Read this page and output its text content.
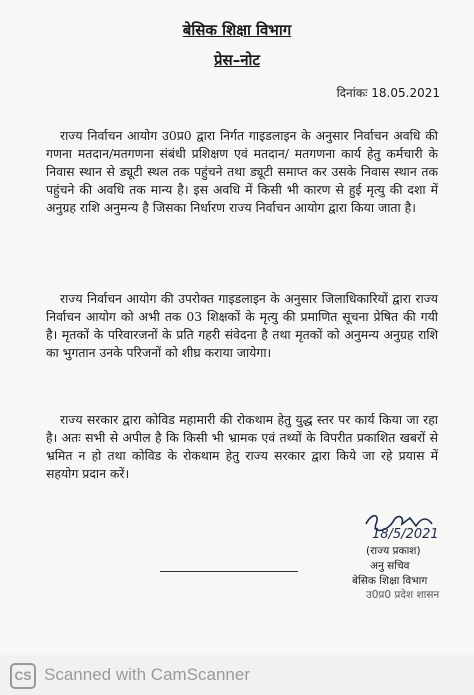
बेसिक शिक्षा विभाग
प्रेस–नोट
दिनांकः 18.05.2021
राज्य निर्वाचन आयोग उ0प्र0 द्वारा निर्गत गाइडलाइन के अनुसार निर्वाचन अवधि की गणना मतदान/मतगणना संबंधी प्रशिक्षण एवं मतदान/ मतगणना कार्य हेतु कर्मचारी के निवास स्थान से ड्यूटी स्थल तक पहुंचने तथा ड्यूटी समाप्त कर उसके निवास स्थान तक पहुंचने की अवधि तक मान्य है। इस अवधि में किसी भी कारण से हुई मृत्यु की दशा में अनुग्रह राशि अनुमन्य है जिसका निर्धारण राज्य निर्वाचन आयोग द्वारा किया जाता है।
राज्य निर्वाचन आयोग की उपरोक्त गाइडलाइन के अनुसार जिलाधिकारियों द्वारा राज्य निर्वाचन आयोग को अभी तक 03 शिक्षकों के मृत्यु की प्रमाणित सूचना प्रेषित की गयी है। मृतकों के परिवारजनों के प्रति गहरी संवेदना है तथा मृतकों को अनुमन्य अनुग्रह राशि का भुगतान उनके परिजनों को शीघ्र कराया जायेगा।
राज्य सरकार द्वारा कोविड महामारी की रोकथाम हेतु युद्ध स्तर पर कार्य किया जा रहा है। अतः सभी से अपील है कि किसी भी भ्रामक एवं तथ्यों के विपरीत प्रकाशित खबरों से भ्रमित न हो तथा कोविड के रोकथाम हेतु राज्य सरकार द्वारा किये जा रहे प्रयास में सहयोग प्रदान करें।
18/5/2021
(राज्य प्रकाश)
अनु सचिव
बेसिक शिक्षा विभाग
उ0प्र0 प्रदेश शासन
CS Scanned with CamScanner
